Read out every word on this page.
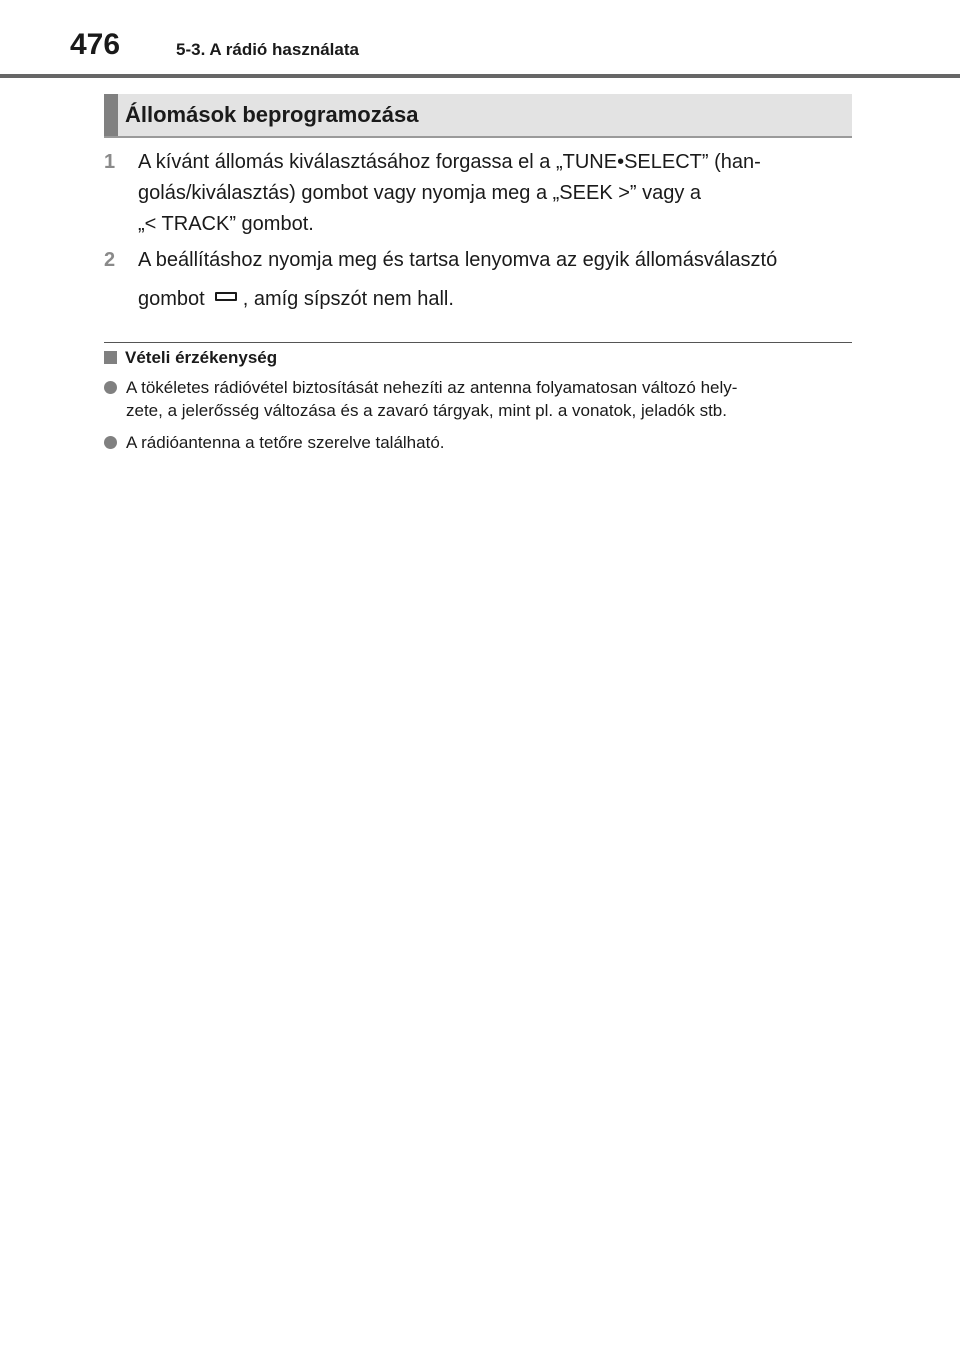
476	5-3. A rádió használata
Állomások beprogramozása
1 A kívánt állomás kiválasztásához forgassa el a „TUNE•SELECT” (han-
golás/kiválasztás) gombot vagy nyomja meg a „SEEK >” vagy a
„< TRACK” gombot.
2 A beállításhoz nyomja meg és tartsa lenyomva az egyik állomásválasztó
gombot , amíg sípszót nem hall.
Vételi érzékenység
A tökéletes rádióvétel biztosítását nehezíti az antenna folyamatosan változó hely-
zete, a jelerősség változása és a zavaró tárgyak, mint pl. a vonatok, jeladók stb.
A rádióantenna a tetőre szerelve található.
